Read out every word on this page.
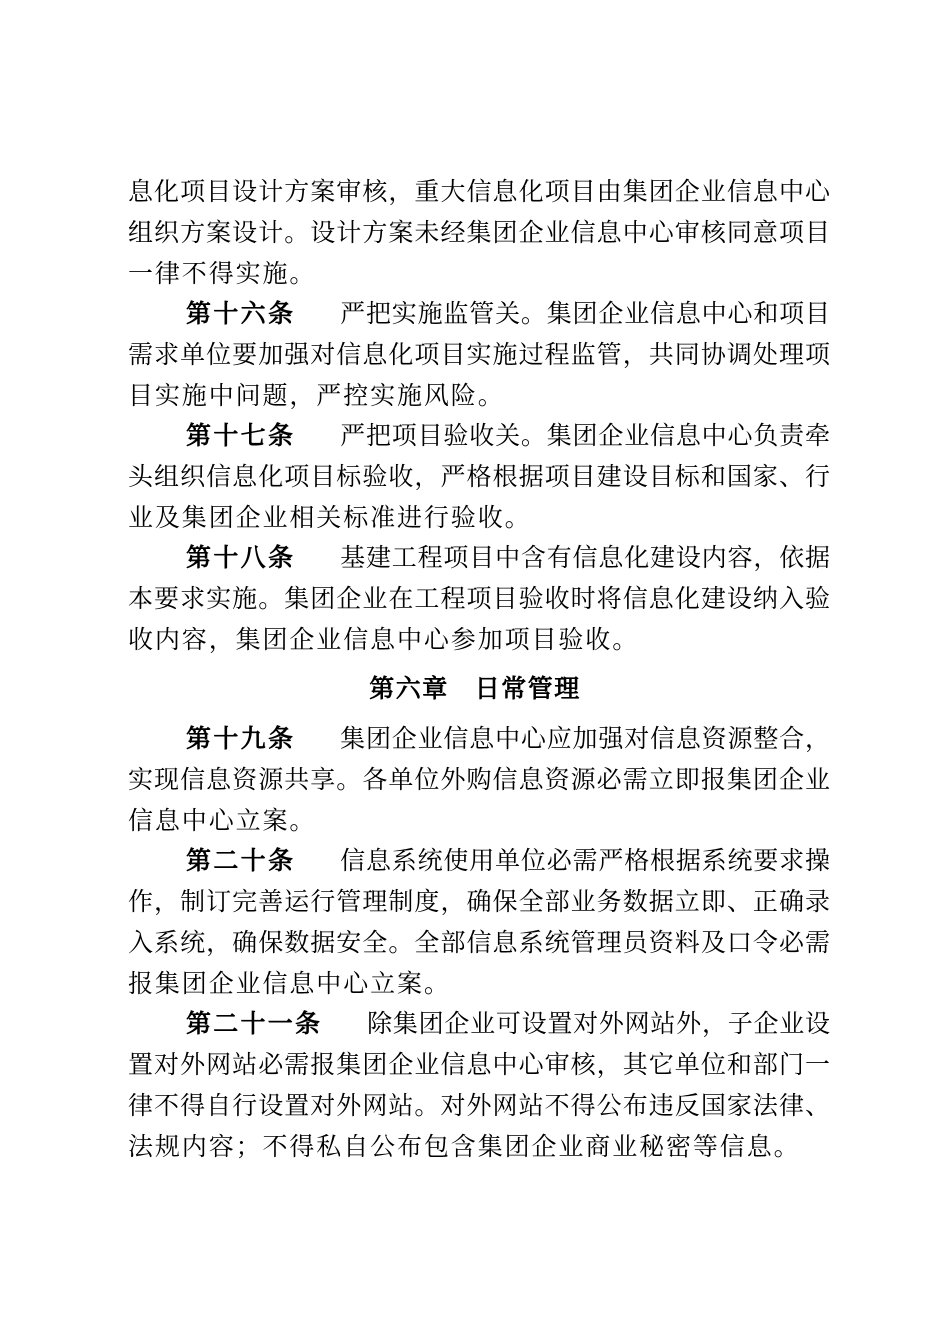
息化项目设计方案审核，重大信息化项目由集团企业信息中心
组织方案设计。设计方案未经集团企业信息中心审核同意项目
一律不得实施。
第十六条 严把实施监管关。集团企业信息中心和项目
需求单位要加强对信息化项目实施过程监管，共同协调处理项
目实施中问题，严控实施风险。
第十七条 严把项目验收关。集团企业信息中心负责牵
头组织信息化项目标验收，严格根据项目建设目标和国家、行
业及集团企业相关标准进行验收。
第十八条 基建工程项目中含有信息化建设内容，依据
本要求实施。集团企业在工程项目验收时将信息化建设纳入验
收内容，集团企业信息中心参加项目验收。
第六章 日常管理
第十九条 集团企业信息中心应加强对信息资源整合，
实现信息资源共享。各单位外购信息资源必需立即报集团企业
信息中心立案。
第二十条 信息系统使用单位必需严格根据系统要求操
作，制订完善运行管理制度，确保全部业务数据立即、正确录
入系统，确保数据安全。全部信息系统管理员资料及口令必需
报集团企业信息中心立案。
第二十一条 除集团企业可设置对外网站外，子企业设
置对外网站必需报集团企业信息中心审核，其它单位和部门一
律不得自行设置对外网站。对外网站不得公布违反国家法律、
法规内容；不得私自公布包含集团企业商业秘密等信息。
